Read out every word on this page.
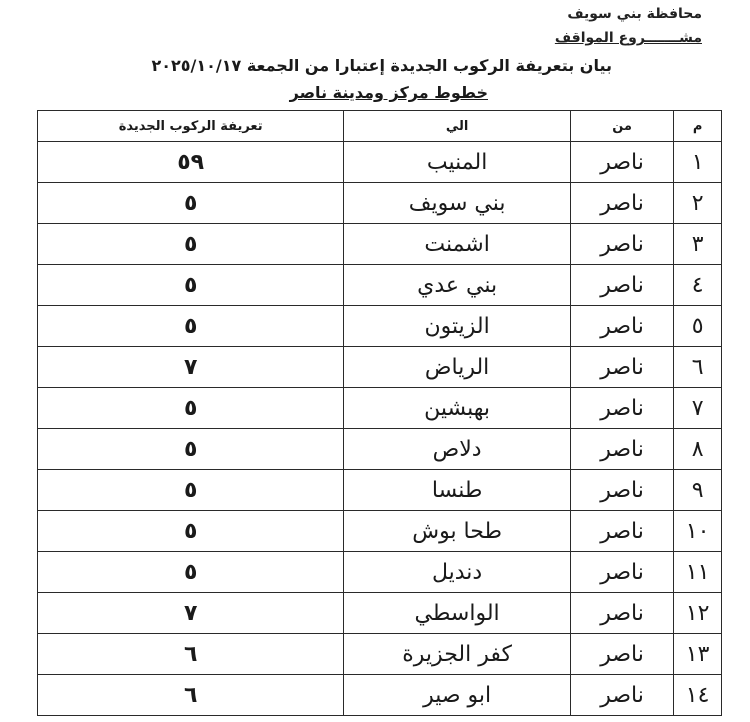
محافظة بني سويف
مشـــــــروع المواقف
بيان بتعريفة الركوب الجديدة إعتبارا من الجمعة ٢٠٢٥/١٠/١٧
خطوط مركز ومدينة ناصر
م	من	الي	تعريفة الركوب الجديدة
١	ناصر	المنيب	٥٩
٢	ناصر	بني سويف	٥
٣	ناصر	اشمنت	٥
٤	ناصر	بني عدي	٥
٥	ناصر	الزيتون	٥
٦	ناصر	الرياض	٧
٧	ناصر	بهبشين	٥
٨	ناصر	دلاص	٥
٩	ناصر	طنسا	٥
١٠	ناصر	طحا بوش	٥
١١	ناصر	دنديل	٥
١٢	ناصر	الواسطي	٧
١٣	ناصر	كفر الجزيرة	٦
١٤	ناصر	ابو صير	٦
